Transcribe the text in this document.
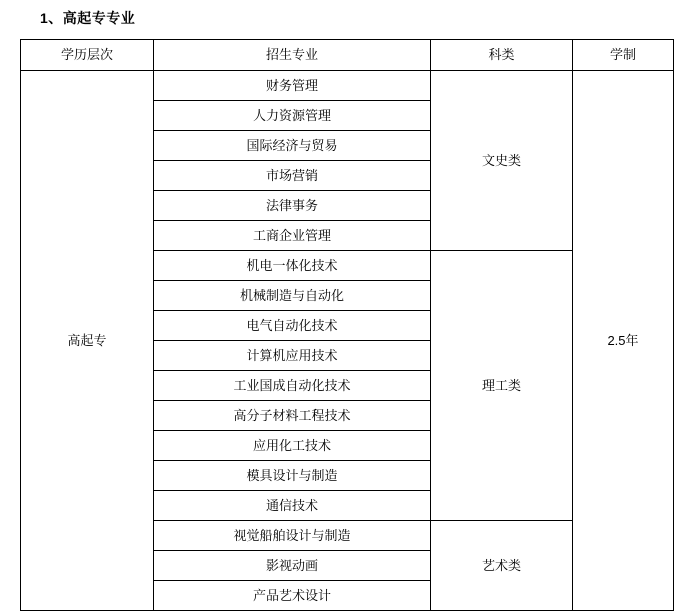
1、高起专专业
学历层次	招生专业	科类	学制
高起专	财务管理	文史类	2.5年
	人力资源管理		
	国际经济与贸易		
	市场营销		
	法律事务		
	工商企业管理		
	机电一体化技术	理工类	
	机械制造与自动化		
	电气自动化技术		
	计算机应用技术		
	工业国成自动化技术		
	高分子材料工程技术		
	应用化工技术		
	模具设计与制造		
	通信技术		
	视觉船舶设计与制造	艺术类	
	影视动画		
	产品艺术设计		
